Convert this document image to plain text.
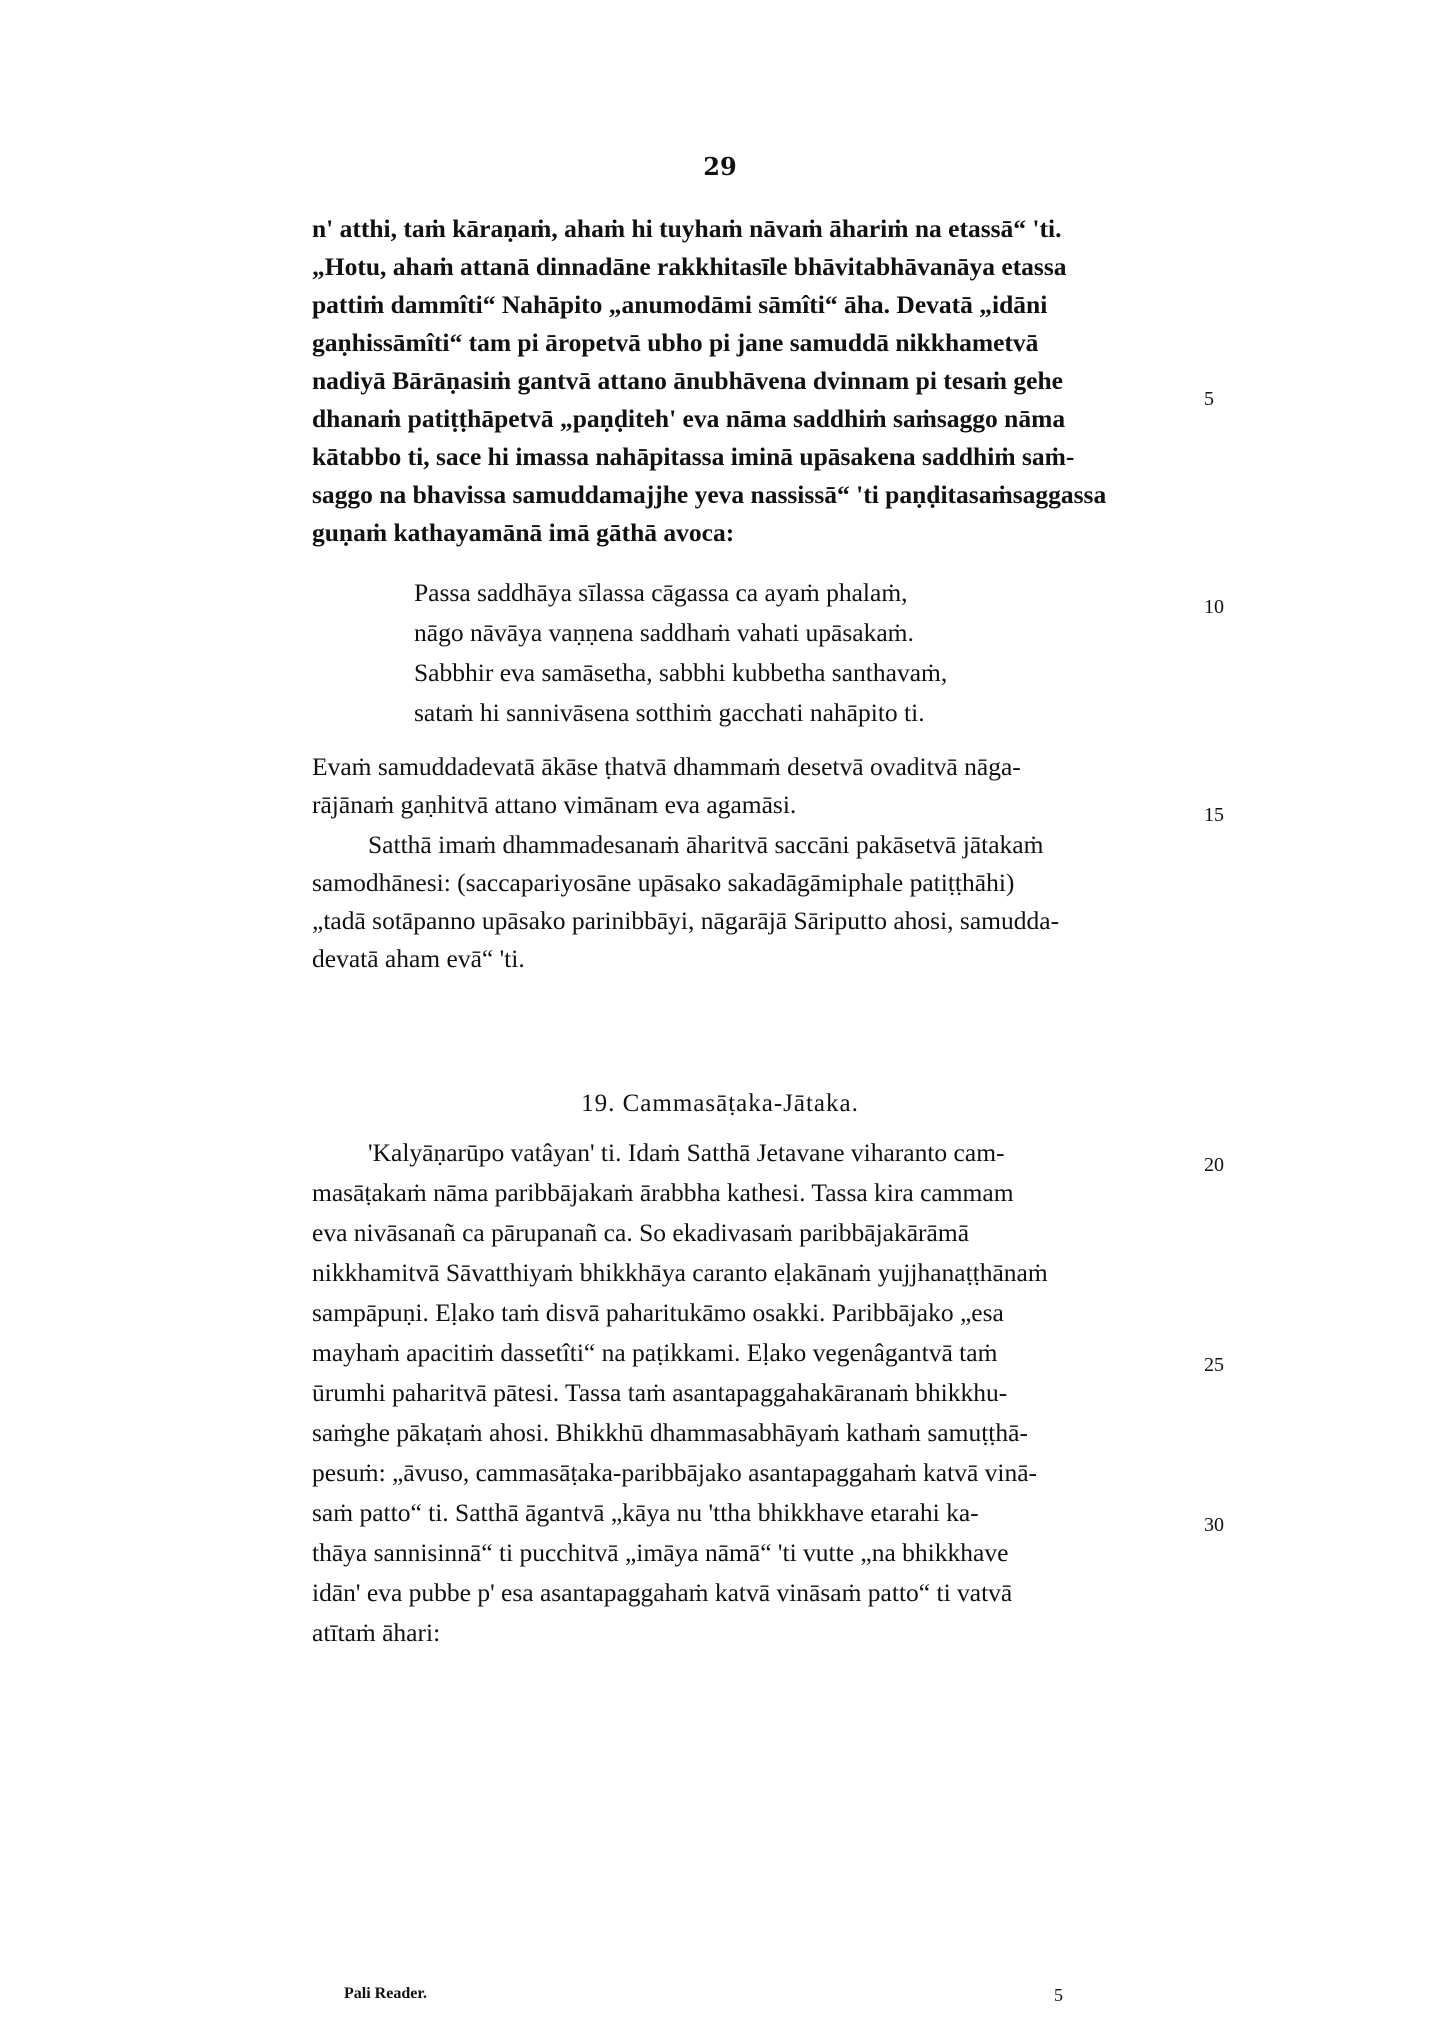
29
n' atthi, taṁ kāraṇaṁ, ahaṁ hi tuyhaṁ nāvaṁ āhariṁ na etassā“ 'ti.
„Hotu, ahaṁ attanā dinnadāne rakkhitasīle bhāvitabhāvanāya etassa
pattiṁ dammîti“ Nahāpito „anumodāmi sāmîti“ āha. Devatā „idāni
gaṇhissāmîti“ tam pi āropetvā ubho pi jane samuddā nikkhametvā
nadiyā Bārāṇasiṁ gantvā attano ānubhāvena dvinnam pi tesaṁ gehe
dhanaṁ patiṭṭhāpetvā „paṇḍiteh' eva nāma saddhiṁ saṁsaggo nāma
kātabbo ti, sace hi imassa nahāpitassa iminā upāsakena saddhiṁ saṁ-
saggo na bhavissa samuddamajjhe yeva nassissā“ 'ti paṇḍitasaṁsaggassa
guṇaṁ kathayamānā imā gāthā avoca:
Passa saddhāya sīlassa cāgassa ca ayaṁ phalaṁ,
nāgo nāvāya vaṇṇena saddhaṁ vahati upāsakaṁ.
Sabbhir eva samāsetha, sabbhi kubbetha santhavaṁ,
sataṁ hi sannivāsena sotthiṁ gacchati nahāpito ti.
Evaṁ samuddadevatā ākāse ṭhatvā dhammaṁ desetvā ovaditvā nāga-
rājānaṁ gaṇhitvā attano vimānam eva agamāsi.
Satthā imaṁ dhammadesanaṁ āharitvā saccāni pakāsetvā jātakaṁ
samodhānesi: (saccapariyosāne upāsako sakadāgāmiphale patiṭṭhāhi)
„tadā sotāpanno upāsako parinibbāyi, nāgarājā Sāriputto ahosi, samudda-
devatā aham evā“ 'ti.
19. Cammasāṭaka-Jātaka.
'Kalyāṇarūpo vatâyan' ti. Idaṁ Satthā Jetavane viharanto cam-
masāṭakaṁ nāma paribbājakaṁ ārabbha kathesi. Tassa kira cammam
eva nivāsanañ ca pārupanañ ca. So ekadivasaṁ paribbājakārāmā
nikkhamitvā Sāvatthiyaṁ bhikkhāya caranto eḷakānaṁ yujjhanaṭṭhānaṁ
sampāpuṇi. Eḷako taṁ disvā paharitukāmo osakki. Paribbājako „esa
mayhaṁ apacitiṁ dassetîti“ na paṭikkami. Eḷako vegenâgantvā taṁ
ūrumhi paharitvā pātesi. Tassa taṁ asantapaggahakāranaṁ bhikkhu-
saṁghe pākaṭaṁ ahosi. Bhikkhū dhammasabhāyaṁ kathaṁ samuṭṭhā-
pesuṁ: „āvuso, cammasāṭaka-paribbājako asantapaggahaṁ katvā vinā-
saṁ patto“ ti. Satthā āgantvā „kāya nu 'ttha bhikkhave etarahi ka-
thāya sannisinnā“ ti pucchitvā „imāya nāmā“ 'ti vutte „na bhikkhave
idān' eva pubbe p' esa asantapaggahaṁ katvā vināsaṁ patto“ ti vatvā
atītaṁ āhari:
5
10
15
20
25
30
Pali Reader.	5
